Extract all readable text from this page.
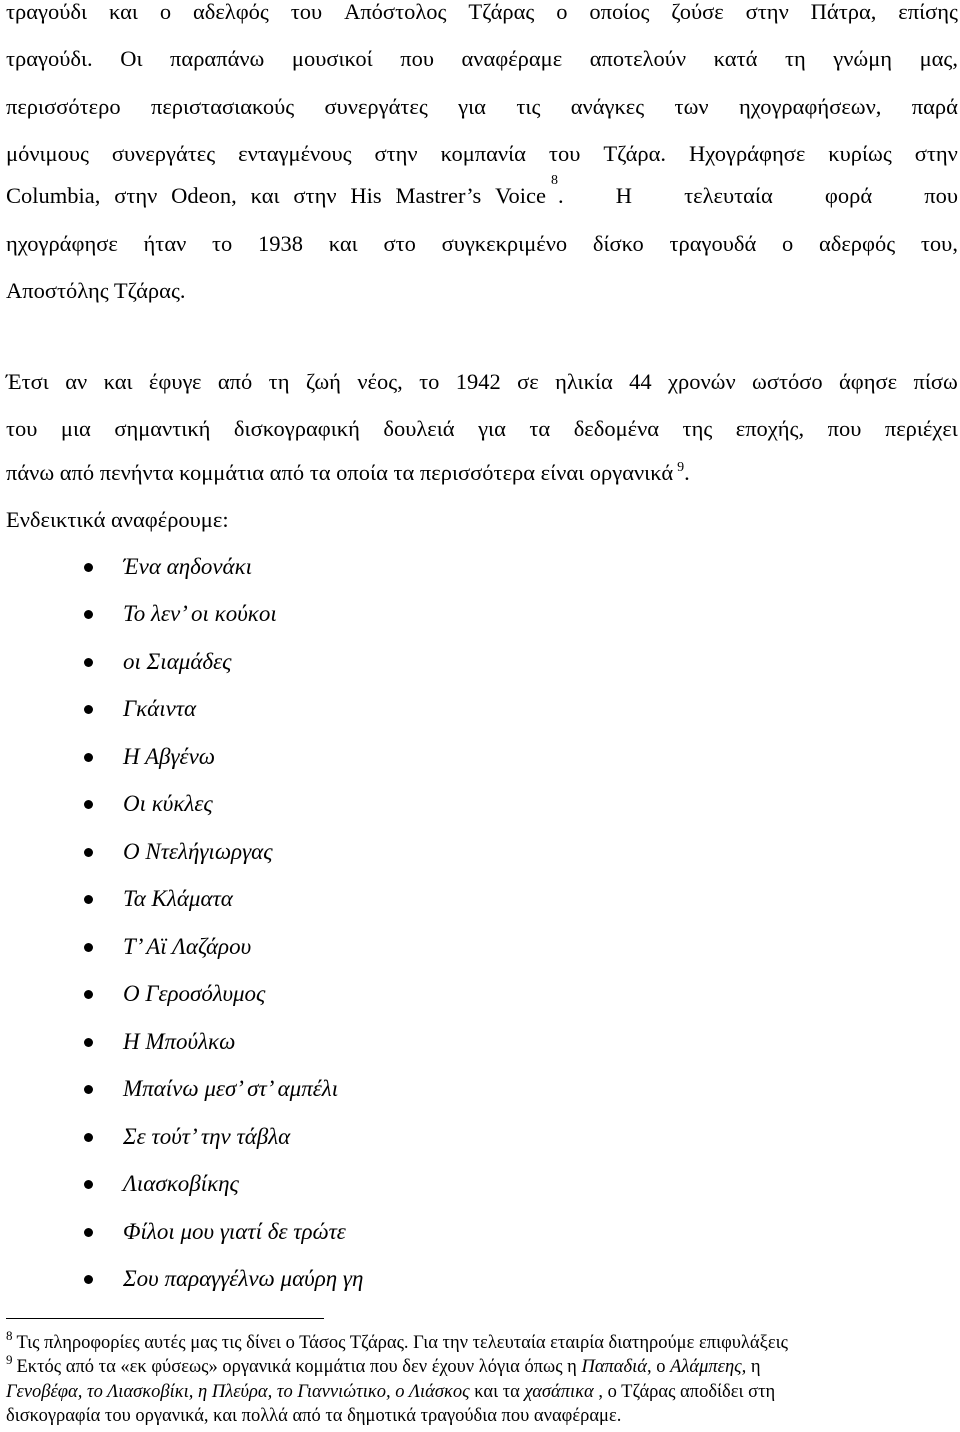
τραγούδι και ο αδελφός του Απόστολος Τζάρας ο οποίος ζούσε στην Πάτρα, επίσης
τραγούδι. Οι παραπάνω μουσικοί που αναφέραμε αποτελούν κατά τη γνώμη μας,
περισσότερο περιστασιακούς συνεργάτες για τις ανάγκες των ηχογραφήσεων, παρά
μόνιμους συνεργάτες ενταγμένους στην κομπανία του Τζάρα. Ηχογράφησε κυρίως στην
Columbia, στην Odeon, και στην His Mastrer’s Voice
8
. Η τελευταία φορά που
ηχογράφησε ήταν το 1938 και στο συγκεκριμένο δίσκο τραγουδά ο αδερφός του,
Αποστόλης Τζάρας.
Έτσι αν και έφυγε από τη ζωή νέος, το 1942 σε ηλικία 44 χρονών ωστόσο άφησε πίσω
του μια σημαντική δισκογραφική δουλειά για τα δεδομένα της εποχής, που περιέχει
πάνω από πενήντα κομμάτια από τα οποία τα περισσότερα είναι οργανικά $^9$.
Ενδεικτικά αναφέρουμε:
Ένα αηδονάκι
Το λεν’ οι κούκοι
οι Σιαμάδες
Γκάιντα
Η Αβγένω
Οι κύκλες
Ο Ντελήγιωργας
Τα Κλάματα
Τ’ Αϊ Λαζάρου
Ο Γεροσόλυμος
Η Μπούλκω
Μπαίνω μεσ’ στ’ αμπέλι
Σε τούτ’ την τάβλα
Λιασκοβίκης
Φίλοι μου γιατί δε τρώτε
Σου παραγγέλνω μαύρη γη
$^8$ Τις πληροφορίες αυτές μας τις δίνει ο Τάσος Τζάρας. Για την τελευταία εταιρία διατηρούμε επιφυλάξεις
$^9$ Εκτός από τα «εκ φύσεως» οργανικά κομμάτια που δεν έχουν λόγια όπως η Παπαδιά, ο Αλάμπεης, η
Γενοβέφα, το Λιασκοβίκι, η Πλεύρα, το Γιαννιώτικο, ο Λιάσκος και τα χασάπικα , ο Τζάρας αποδίδει στη
δισκογραφία του οργανικά, και πολλά από τα δημοτικά τραγούδια που αναφέραμε.
